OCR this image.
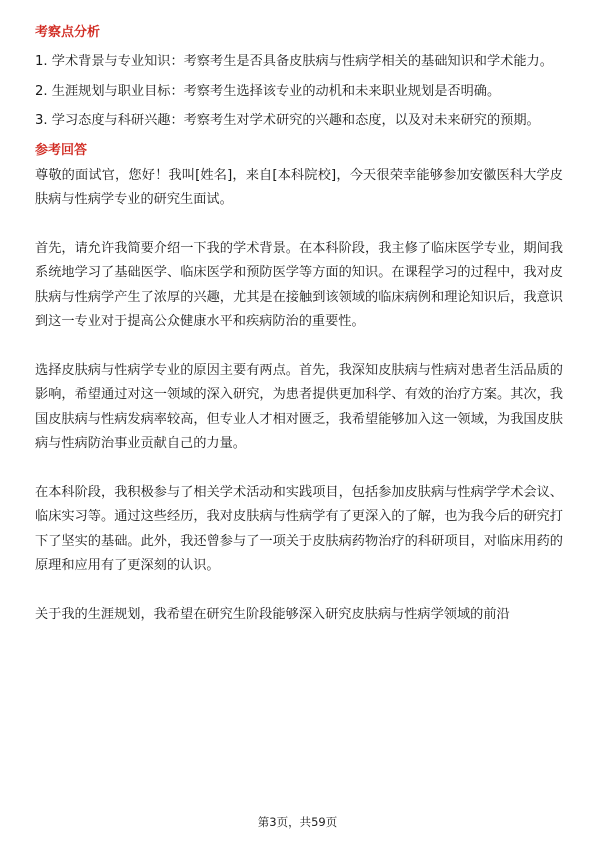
考察点分析
1. 学术背景与专业知识：考察考生是否具备皮肤病与性病学相关的基础知识和学术能力。
2. 生涯规划与职业目标：考察考生选择该专业的动机和未来职业规划是否明确。
3. 学习态度与科研兴趣：考察考生对学术研究的兴趣和态度，以及对未来研究的预期。
参考回答
尊敬的面试官，您好！我叫[姓名]，来自[本科院校]，今天很荣幸能够参加安徽医科大学皮肤病与性病学专业的研究生面试。
首先，请允许我简要介绍一下我的学术背景。在本科阶段，我主修了临床医学专业，期间我系统地学习了基础医学、临床医学和预防医学等方面的知识。在课程学习的过程中，我对皮肤病与性病学产生了浓厚的兴趣，尤其是在接触到该领域的临床病例和理论知识后，我意识到这一专业对于提高公众健康水平和疾病防治的重要性。
选择皮肤病与性病学专业的原因主要有两点。首先，我深知皮肤病与性病对患者生活品质的影响，希望通过对这一领域的深入研究，为患者提供更加科学、有效的治疗方案。其次，我国皮肤病与性病发病率较高，但专业人才相对匮乏，我希望能够加入这一领域，为我国皮肤病与性病防治事业贡献自己的力量。
在本科阶段，我积极参与了相关学术活动和实践项目，包括参加皮肤病与性病学学术会议、临床实习等。通过这些经历，我对皮肤病与性病学有了更深入的了解，也为我今后的研究打下了坚实的基础。此外，我还曾参与了一项关于皮肤病药物治疗的科研项目，对临床用药的原理和应用有了更深刻的认识。
关于我的生涯规划，我希望在研究生阶段能够深入研究皮肤病与性病学领域的前沿
第3页，共59页
